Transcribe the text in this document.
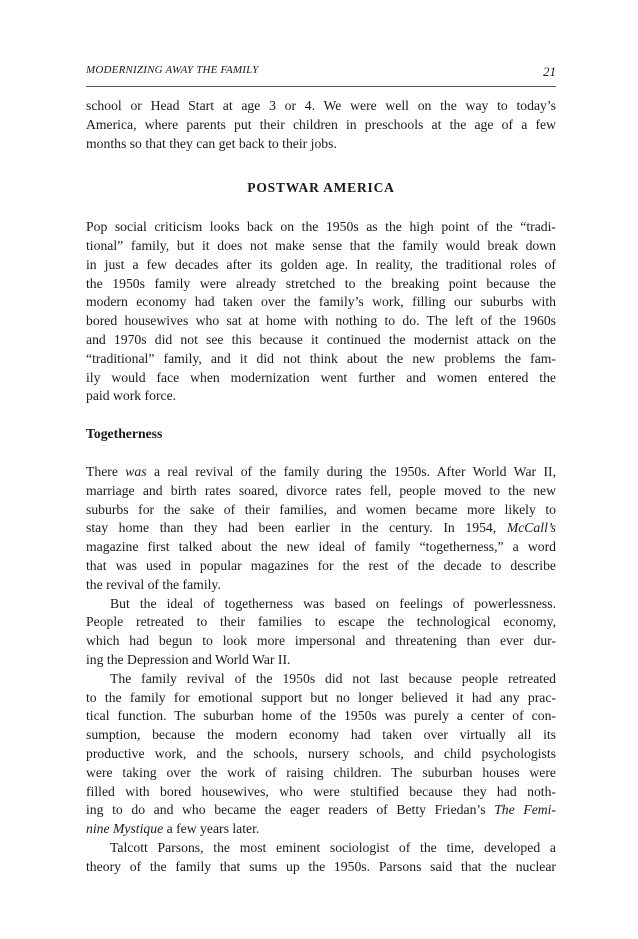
MODERNIZING AWAY THE FAMILY	21

school or Head Start at age 3 or 4. We were well on the way to today’s
America, where parents put their children in preschools at the age of a few
months so that they can get back to their jobs.

POSTWAR AMERICA

Pop social criticism looks back on the 1950s as the high point of the “tradi-
tional” family, but it does not make sense that the family would break down
in just a few decades after its golden age. In reality, the traditional roles of
the 1950s family were already stretched to the breaking point because the
modern economy had taken over the family’s work, filling our suburbs with
bored housewives who sat at home with nothing to do. The left of the 1960s
and 1970s did not see this because it continued the modernist attack on the
“traditional” family, and it did not think about the new problems the fam-
ily would face when modernization went further and women entered the
paid work force.

Togetherness

There was a real revival of the family during the 1950s. After World War II,
marriage and birth rates soared, divorce rates fell, people moved to the new
suburbs for the sake of their families, and women became more likely to
stay home than they had been earlier in the century. In 1954, McCall’s
magazine first talked about the new ideal of family “togetherness,” a word
that was used in popular magazines for the rest of the decade to describe
the revival of the family.

But the ideal of togetherness was based on feelings of powerlessness.
People retreated to their families to escape the technological economy,
which had begun to look more impersonal and threatening than ever dur-
ing the Depression and World War II.

The family revival of the 1950s did not last because people retreated
to the family for emotional support but no longer believed it had any prac-
tical function. The suburban home of the 1950s was purely a center of con-
sumption, because the modern economy had taken over virtually all its
productive work, and the schools, nursery schools, and child psychologists
were taking over the work of raising children. The suburban houses were
filled with bored housewives, who were stultified because they had noth-
ing to do and who became the eager readers of Betty Friedan’s The Femi-
nine Mystique a few years later.

Talcott Parsons, the most eminent sociologist of the time, developed a
theory of the family that sums up the 1950s. Parsons said that the nuclear
